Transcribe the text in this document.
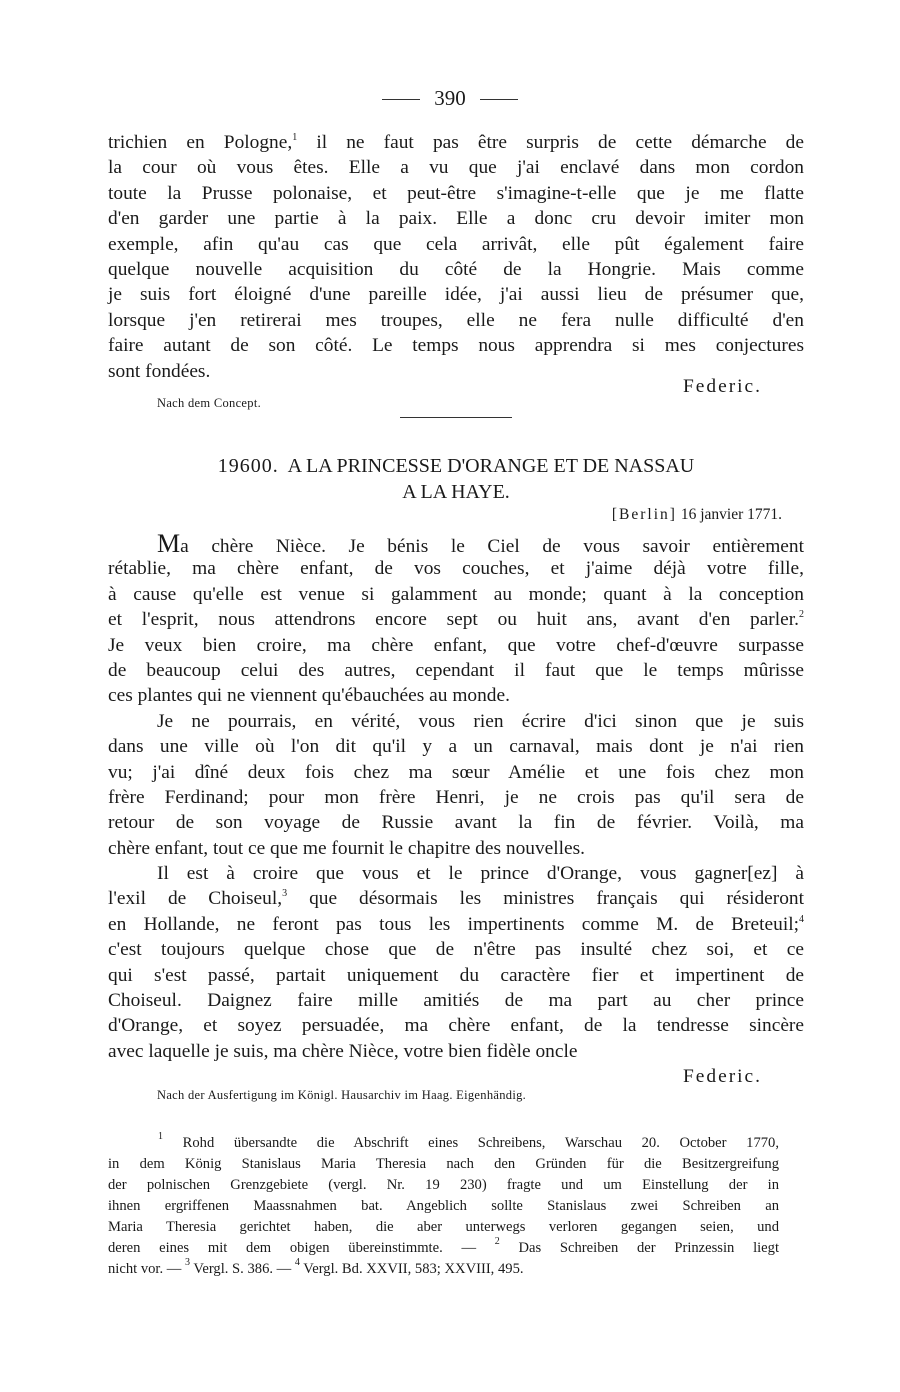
390
trichien en Pologne,$^1$ il ne faut pas être surpris de cette démarche de
la cour où vous êtes. Elle a vu que j'ai enclavé dans mon cordon
toute la Prusse polonaise, et peut-être s'imagine-t-elle que je me flatte
d'en garder une partie à la paix. Elle a donc cru devoir imiter mon
exemple, afin qu'au cas que cela arrivât, elle pût également faire
quelque nouvelle acquisition du côté de la Hongrie. Mais comme
je suis fort éloigné d'une pareille idée, j'ai aussi lieu de présumer que,
lorsque j'en retirerai mes troupes, elle ne fera nulle difficulté d'en
faire autant de son côté. Le temps nous apprendra si mes conjectures
sont fondées.
Federic.
Nach dem Concept.
19600. A LA PRINCESSE D'ORANGE ET DE NASSAU
A LA HAYE.
[Berlin] 16 janvier 1771.
Ma chère Nièce. Je bénis le Ciel de vous savoir entièrement
rétablie, ma chère enfant, de vos couches, et j'aime déjà votre fille,
à cause qu'elle est venue si galamment au monde; quant à la conception
et l'esprit, nous attendrons encore sept ou huit ans, avant d'en parler.$^2$
Je veux bien croire, ma chère enfant, que votre chef-d'œuvre surpasse
de beaucoup celui des autres, cependant il faut que le temps mûrisse
ces plantes qui ne viennent qu'ébauchées au monde.
Je ne pourrais, en vérité, vous rien écrire d'ici sinon que je suis
dans une ville où l'on dit qu'il y a un carnaval, mais dont je n'ai rien
vu; j'ai dîné deux fois chez ma sœur Amélie et une fois chez mon
frère Ferdinand; pour mon frère Henri, je ne crois pas qu'il sera de
retour de son voyage de Russie avant la fin de février. Voilà, ma
chère enfant, tout ce que me fournit le chapitre des nouvelles.
Il est à croire que vous et le prince d'Orange, vous gagner[ez] à
l'exil de Choiseul,$^3$ que désormais les ministres français qui résideront
en Hollande, ne feront pas tous les impertinents comme M. de Breteuil;$^4$
c'est toujours quelque chose que de n'être pas insulté chez soi, et ce
qui s'est passé, partait uniquement du caractère fier et impertinent de
Choiseul. Daignez faire mille amitiés de ma part au cher prince
d'Orange, et soyez persuadée, ma chère enfant, de la tendresse sincère
avec laquelle je suis, ma chère Nièce, votre bien fidèle oncle
Federic.
Nach der Ausfertigung im Königl. Hausarchiv im Haag. Eigenhändig.
$^1$ Rohd übersandte die Abschrift eines Schreibens, Warschau 20. October 1770,
in dem König Stanislaus Maria Theresia nach den Gründen für die Besitzergreifung
der polnischen Grenzgebiete (vergl. Nr. 19 230) fragte und um Einstellung der in
ihnen ergriffenen Maassnahmen bat. Angeblich sollte Stanislaus zwei Schreiben an
Maria Theresia gerichtet haben, die aber unterwegs verloren gegangen seien, und
deren eines mit dem obigen übereinstimmte. — $^2$ Das Schreiben der Prinzessin liegt
nicht vor. — $^3$ Vergl. S. 386. — $^4$ Vergl. Bd. XXVII, 583; XXVIII, 495.
